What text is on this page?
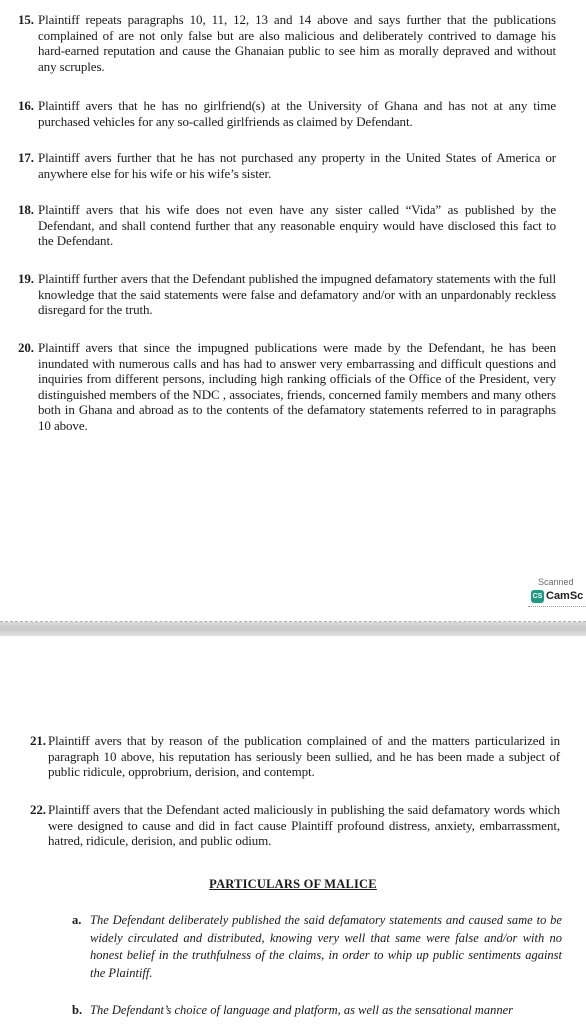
15. Plaintiff repeats paragraphs 10, 11, 12, 13 and 14 above and says further that the publications complained of are not only false but are also malicious and deliberately contrived to damage his hard-earned reputation and cause the Ghanaian public to see him as morally depraved and without any scruples.
16. Plaintiff avers that he has no girlfriend(s) at the University of Ghana and has not at any time purchased vehicles for any so-called girlfriends as claimed by Defendant.
17. Plaintiff avers further that he has not purchased any property in the United States of America or anywhere else for his wife or his wife’s sister.
18. Plaintiff avers that his wife does not even have any sister called “Vida” as published by the Defendant, and shall contend further that any reasonable enquiry would have disclosed this fact to the Defendant.
19. Plaintiff further avers that the Defendant published the impugned defamatory statements with the full knowledge that the said statements were false and defamatory and/or with an unpardonably reckless disregard for the truth.
20. Plaintiff avers that since the impugned publications were made by the Defendant, he has been inundated with numerous calls and has had to answer very embarrassing and difficult questions and inquiries from different persons, including high ranking officials of the Office of the President, very distinguished members of the NDC , associates, friends, concerned family members and many others both in Ghana and abroad as to the contents of the defamatory statements referred to in paragraphs 10 above.
Scanned
CS CamSc
21. Plaintiff avers that by reason of the publication complained of and the matters particularized in paragraph 10 above, his reputation has seriously been sullied, and he has been made a subject of public ridicule, opprobrium, derision, and contempt.
22. Plaintiff avers that the Defendant acted maliciously in publishing the said defamatory words which were designed to cause and did in fact cause Plaintiff profound distress, anxiety, embarrassment, hatred, ridicule, derision, and public odium.
PARTICULARS OF MALICE
a. The Defendant deliberately published the said defamatory statements and caused same to be widely circulated and distributed, knowing very well that same were false and/or with no honest belief in the truthfulness of the claims, in order to whip up public sentiments against the Plaintiff.
b. The Defendant’s choice of language and platform, as well as the sensational manner
